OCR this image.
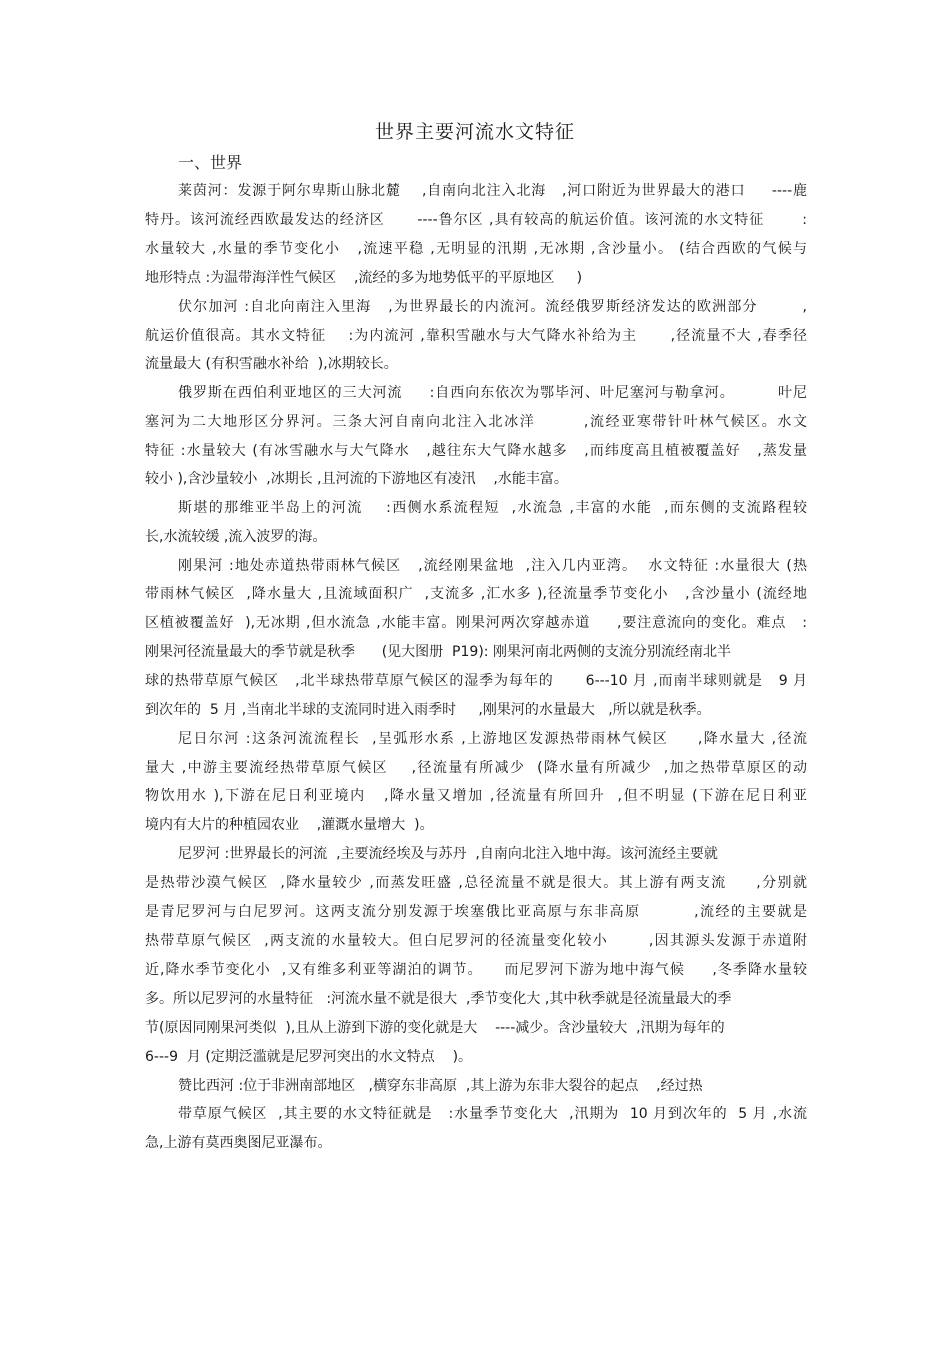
世界主要河流水文特征
一、世界
莱茵河：发源于阿尔卑斯山脉北麓    ,自南向北注入北海   ,河口附近为世界最大的港口     ----鹿
特丹。该河流经西欧最发达的经济区      ----鲁尔区 ,具有较高的航运价值。该河流的水文特征       :
水量较大 ,水量的季节变化小   ,流速平稳 ,无明显的汛期 ,无冰期 ,含沙量小。 (结合西欧的气候与
地形特点 :为温带海洋性气候区    ,流经的多为地势低平的平原地区     )
伏尔加河 :自北向南注入里海   ,为世界最长的内流河。流经俄罗斯经济发达的欧洲部分        ,
航运价值很高。其水文特征    :为内流河 ,靠积雪融水与大气降水补给为主      ,径流量不大 ,春季径
流量最大 (有积雪融水补给  ),冰期较长。
俄罗斯在西伯利亚地区的三大河流     :自西向东依次为鄂毕河、叶尼塞河与勒拿河。        叶尼
塞河为二大地形区分界河。三条大河自南向北注入北冰洋        ,流经亚寒带针叶林气候区。水文
特征 :水量较大 (有冰雪融水与大气降水   ,越往东大气降水越多   ,而纬度高且植被覆盖好   ,蒸发量
较小 ),含沙量较小  ,冰期长 ,且河流的下游地区有凌汛    ,水能丰富。
斯堪的那维亚半岛上的河流    :西侧水系流程短  ,水流急 ,丰富的水能  ,而东侧的支流路程较
长,水流较缓 ,流入波罗的海。
刚果河 :地处赤道热带雨林气候区   ,流经刚果盆地  ,注入几内亚湾。  水文特征 :水量很大 (热
带雨林气候区  ,降水量大 ,且流域面积广  ,支流多 ,汇水多 ),径流量季节变化小   ,含沙量小 (流经地
区植被覆盖好  ),无冰期 ,但水流急 ,水能丰富。刚果河两次穿越赤道     ,要注意流向的变化。难点   :
刚果河径流量最大的季节就是秋季      (见大图册  P19): 刚果河南北两侧的支流分别流经南北半
球的热带草原气候区   ,北半球热带草原气候区的湿季为每年的      6---10 月 ,而南半球则就是   9 月
到次年的  5 月 ,当南北半球的支流同时进入雨季时     ,刚果河的水量最大   ,所以就是秋季。
尼日尔河 :这条河流流程长  ,呈弧形水系 ,上游地区发源热带雨林气候区     ,降水量大 ,径流
量大 ,中游主要流经热带草原气候区    ,径流量有所减少  (降水量有所减少  ,加之热带草原区的动
物饮用水 ),下游在尼日利亚境内   ,降水量又增加 ,径流量有所回升  ,但不明显 (下游在尼日利亚
境内有大片的种植园农业    ,灌溉水量增大  )。
尼罗河 :世界最长的河流  ,主要流经埃及与苏丹  ,自南向北注入地中海。该河流经主要就
是热带沙漠气候区  ,降水量较少 ,而蒸发旺盛 ,总径流量不就是很大。其上游有两支流     ,分别就
是青尼罗河与白尼罗河。这两支流分别发源于埃塞俄比亚高原与东非高原         ,流经的主要就是
热带草原气候区  ,两支流的水量较大。但白尼罗河的径流量变化较小       ,因其源头发源于赤道附
近,降水季节变化小  ,又有维多利亚等湖泊的调节。    而尼罗河下游为地中海气候     ,冬季降水量较
多。所以尼罗河的水量特征   :河流水量不就是很大  ,季节变化大 ,其中秋季就是径流量最大的季
节(原因同刚果河类似  ),且从上游到下游的变化就是大    ----减少。含沙量较大  ,汛期为每年的
6---9  月 (定期泛滥就是尼罗河突出的水文特点    )。
赞比西河 :位于非洲南部地区   ,横穿东非高原  ,其上游为东非大裂谷的起点    ,经过热
带草原气候区  ,其主要的水文特征就是   :水量季节变化大  ,汛期为  10 月到次年的  5 月 ,水流
急,上游有莫西奥图尼亚瀑布。
